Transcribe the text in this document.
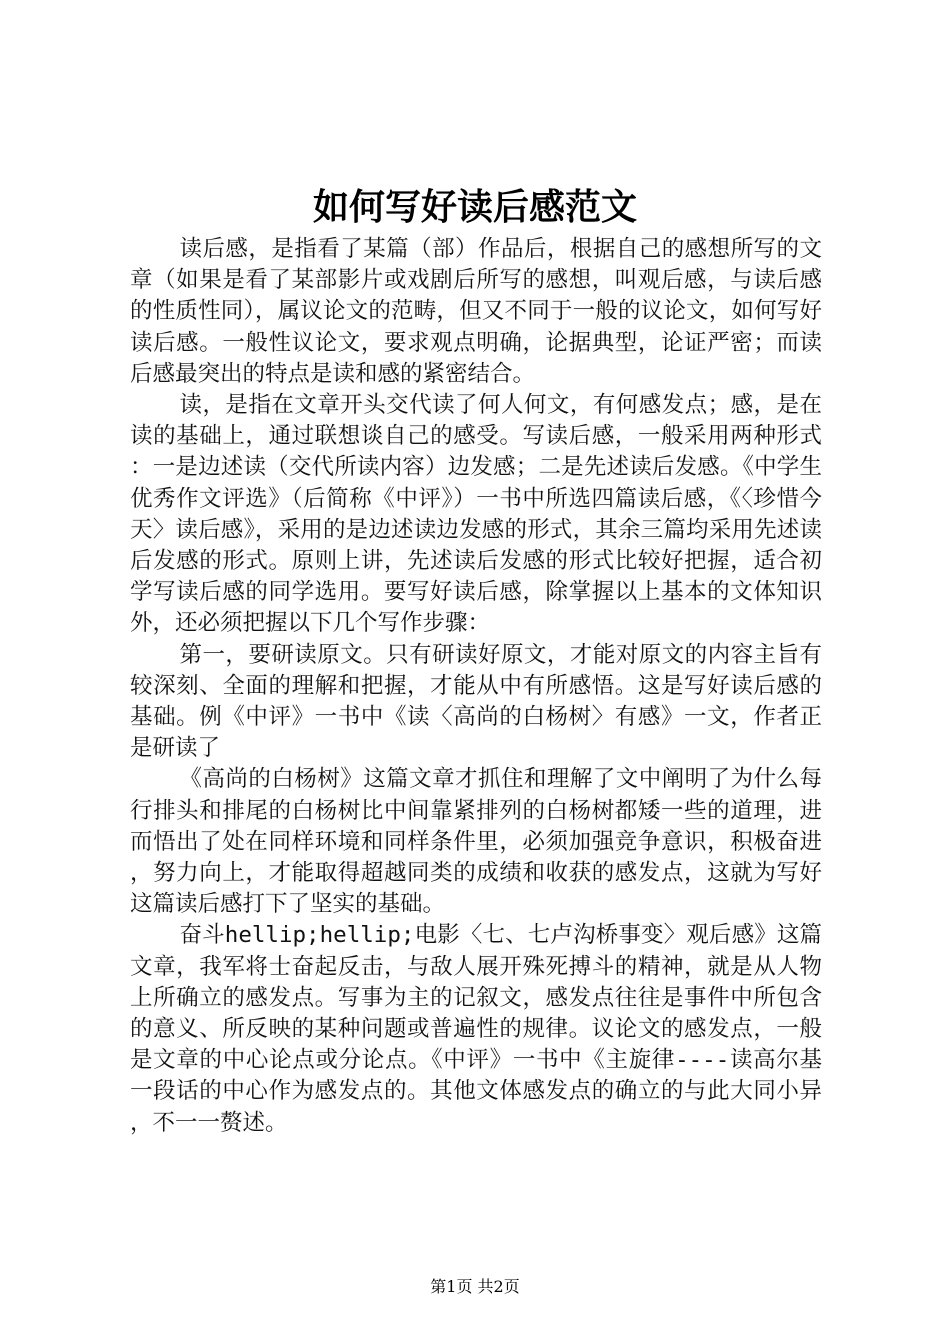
如何写好读后感范文

读后感，是指看了某篇（部）作品后，根据自己的感想所写的文章（如果是看了某部影片或戏剧后所写的感想，叫观后感，与读后感的性质性同），属议论文的范畴，但又不同于一般的议论文，如何写好读后感。一般性议论文，要求观点明确，论据典型，论证严密；而读后感最突出的特点是读和感的紧密结合。

读，是指在文章开头交代读了何人何文，有何感发点；感，是在读的基础上，通过联想谈自己的感受。写读后感，一般采用两种形式：一是边述读（交代所读内容）边发感；二是先述读后发感。《中学生优秀作文评选》（后简称《中评》）一书中所选四篇读后感，《〈珍惜今天〉读后感》，采用的是边述读边发感的形式，其余三篇均采用先述读后发感的形式。原则上讲，先述读后发感的形式比较好把握，适合初学写读后感的同学选用。要写好读后感，除掌握以上基本的文体知识外，还必须把握以下几个写作步骤：

第一，要研读原文。只有研读好原文，才能对原文的内容主旨有较深刻、全面的理解和把握，才能从中有所感悟。这是写好读后感的基础。例《中评》一书中《读〈高尚的白杨树〉有感》一文，作者正是研读了

《高尚的白杨树》这篇文章才抓住和理解了文中阐明了为什么每行排头和排尾的白杨树比中间靠紧排列的白杨树都矮一些的道理，进而悟出了处在同样环境和同样条件里，必须加强竞争意识，积极奋进，努力向上，才能取得超越同类的成绩和收获的感发点，这就为写好这篇读后感打下了坚实的基础。

奋斗hellip;hellip;电影〈七、七卢沟桥事变〉观后感》这篇文章，我军将士奋起反击，与敌人展开殊死搏斗的精神，就是从人物上所确立的感发点。写事为主的记叙文，感发点往往是事件中所包含的意义、所反映的某种问题或普遍性的规律。议论文的感发点，一般是文章的中心论点或分论点。《中评》一书中《主旋律----读高尔基一段话的中心作为感发点的。其他文体感发点的确立的与此大同小异，不一一赘述。

第1页 共2页
